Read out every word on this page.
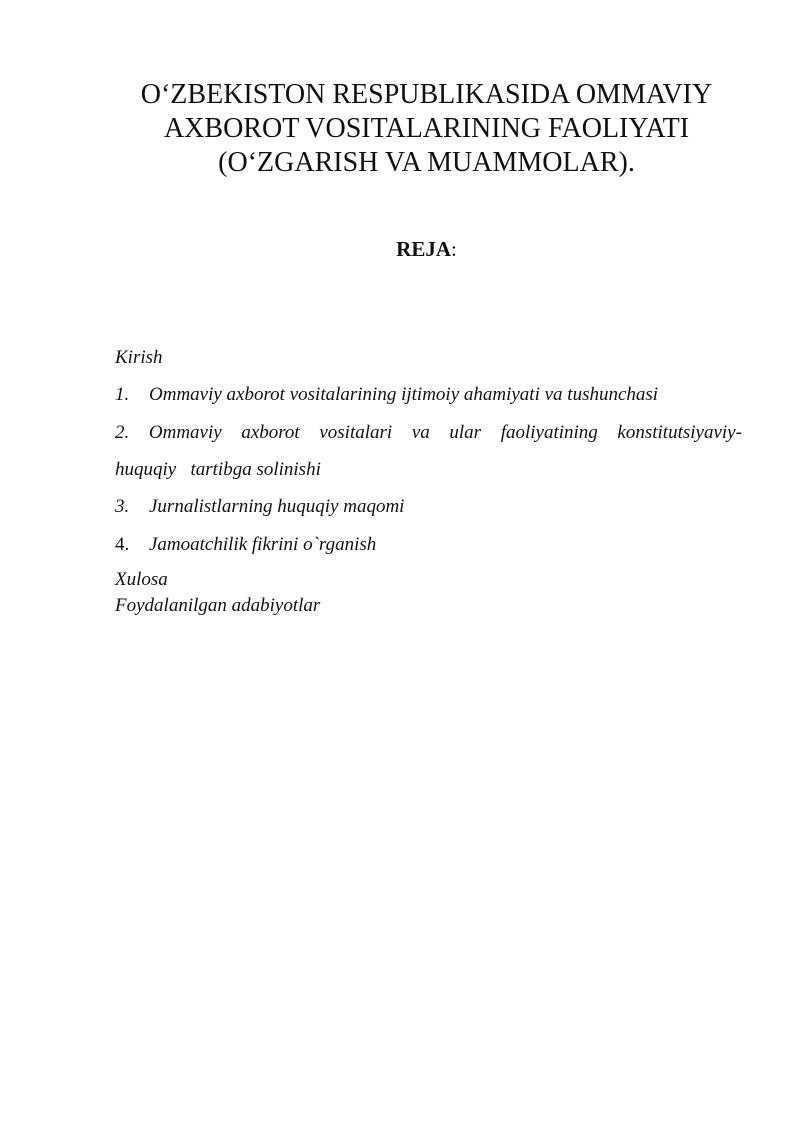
O‘ZBEKISTON RESPUBLIKASIDA OMMAVIY
AXBOROT VOSITALARINING FAOLIYATI
(O‘ZGARISH VA MUAMMOLAR).

REJA:

Kirish
1. Ommaviy axborot vositalarining ijtimoiy ahamiyati va tushunchasi
2. Ommaviy axborot vositalari va ular faoliyatining konstitutsiyaviy-
huquqiy   tartibga solinishi
3. Jurnalistlarning huquqiy maqomi
4. Jamoatchilik fikrini o`rganish
Xulosa
Foydalanilgan adabiyotlar
